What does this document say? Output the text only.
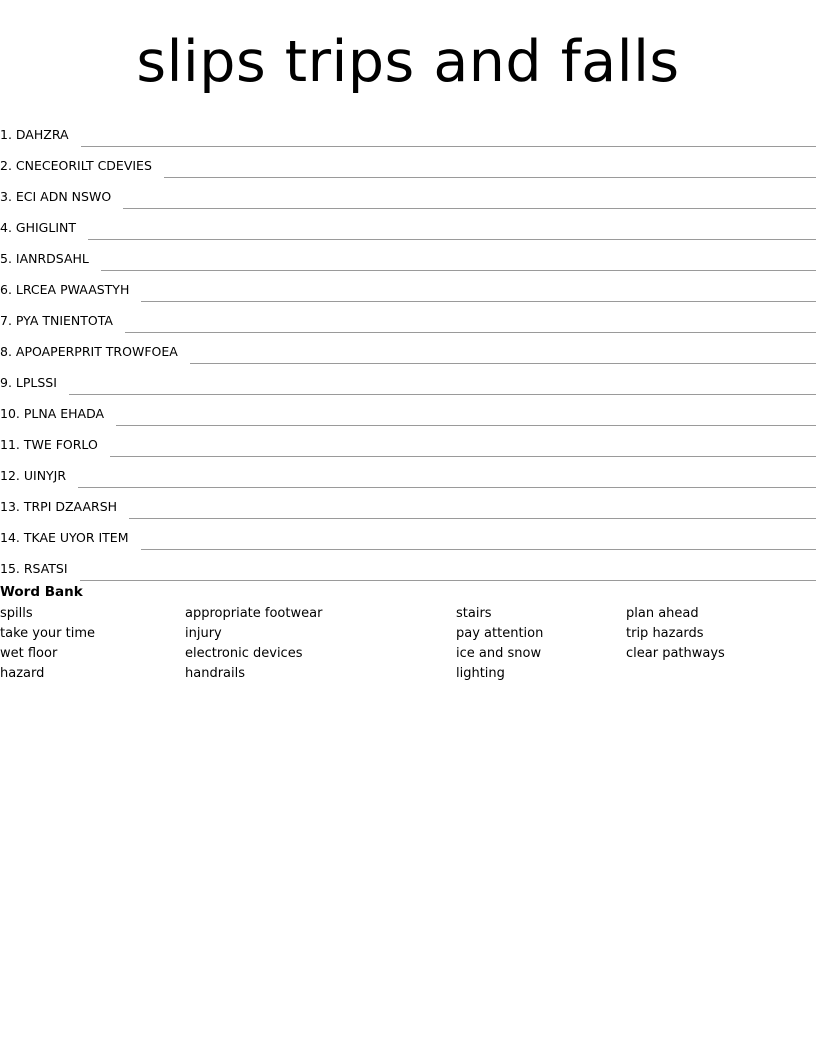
slips trips and falls
1. DAHZRA
2. CNECEORILT CDEVIES
3. ECI ADN NSWO
4. GHIGLINT
5. IANRDSAHL
6. LRCEA PWAASTYH
7. PYA TNIENTOTA
8. APOAPERPRIT TROWFOEA
9. LPLSSI
10. PLNA EHADA
11. TWE FORLO
12. UINYJR
13. TRPI DZAARSH
14. TKAE UYOR ITEM
15. RSATSI
Word Bank
spills
take your time
wet floor
hazard
appropriate footwear
injury
electronic devices
handrails
stairs
pay attention
ice and snow
lighting
plan ahead
trip hazards
clear pathways
